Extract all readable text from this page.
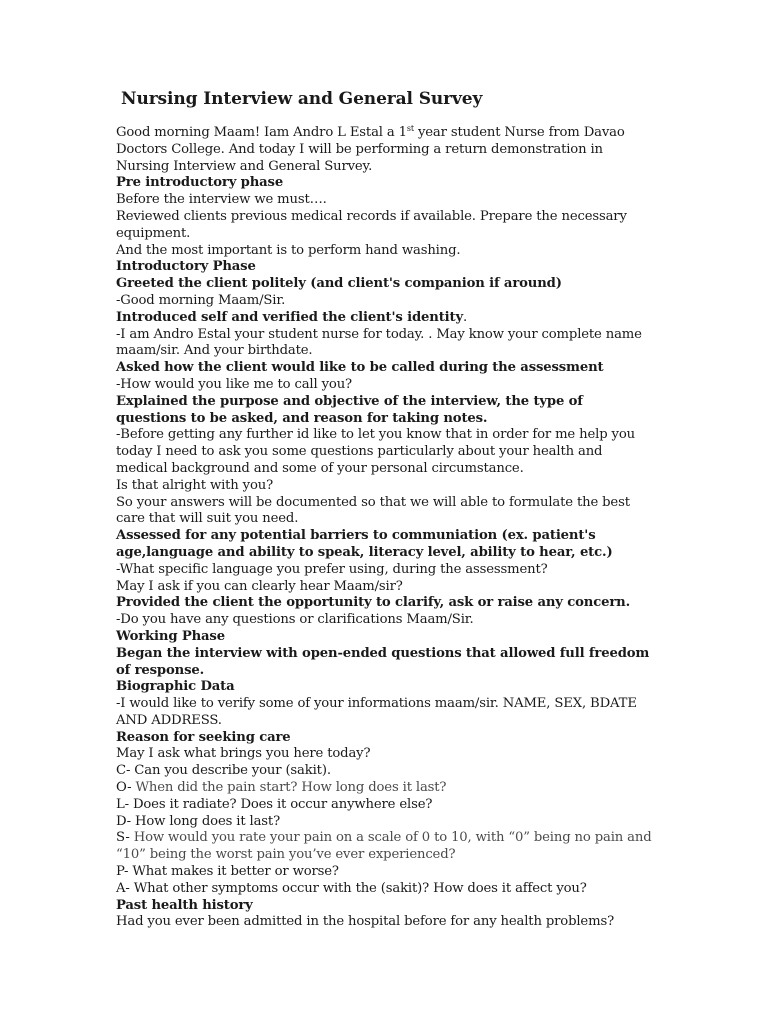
Nursing Interview and General Survey

Good morning Maam! Iam Andro L Estal a 1st year student Nurse from Davao Doctors College. And today I will be performing a return demonstration in Nursing Interview and General Survey.

Pre introductory phase

Before the interview we must….

Reviewed clients previous medical records if available. Prepare the necessary equipment.

And the most important is to perform hand washing.

Introductory Phase

Greeted the client politely (and client's companion if around)

-Good morning Maam/Sir.

Introduced self and verified the client's identity.

-I am Andro Estal your student nurse for today. . May know your complete name maam/sir. And your birthdate.

Asked how the client would like to be called during the assessment

-How would you like me to call you?

Explained the purpose and objective of the interview, the type of questions to be asked, and reason for taking notes.

-Before getting any further id like to let you know that in order for me help you today I need to ask you some questions particularly about your health and medical background and some of your personal circumstance.

Is that alright with you?

So your answers will be documented so that we will able to formulate the best care that will suit you need.

Assessed for any potential barriers to communiation (ex. patient's age,language and ability to speak, literacy level, ability to hear, etc.)

-What specific language you prefer using, during the assessment?

May I ask if you can clearly hear Maam/sir?

Provided the client the opportunity to clarify, ask or raise any concern.

-Do you have any questions or clarifications Maam/Sir.

Working Phase

Began the interview with open-ended questions that allowed full freedom of response.

Biographic Data

-I would like to verify some of your informations maam/sir. NAME, SEX, BDATE AND ADDRESS.

Reason for seeking care

May I ask what brings you here today?

C- Can you describe your (sakit).

O- When did the pain start? How long does it last?

L- Does it radiate? Does it occur anywhere else?

D- How long does it last?

S- How would you rate your pain on a scale of 0 to 10, with “0” being no pain and “10” being the worst pain you’ve ever experienced?

P- What makes it better or worse?

A- What other symptoms occur with the (sakit)? How does it affect you?

Past health history

Had you ever been admitted in the hospital before for any health problems?
